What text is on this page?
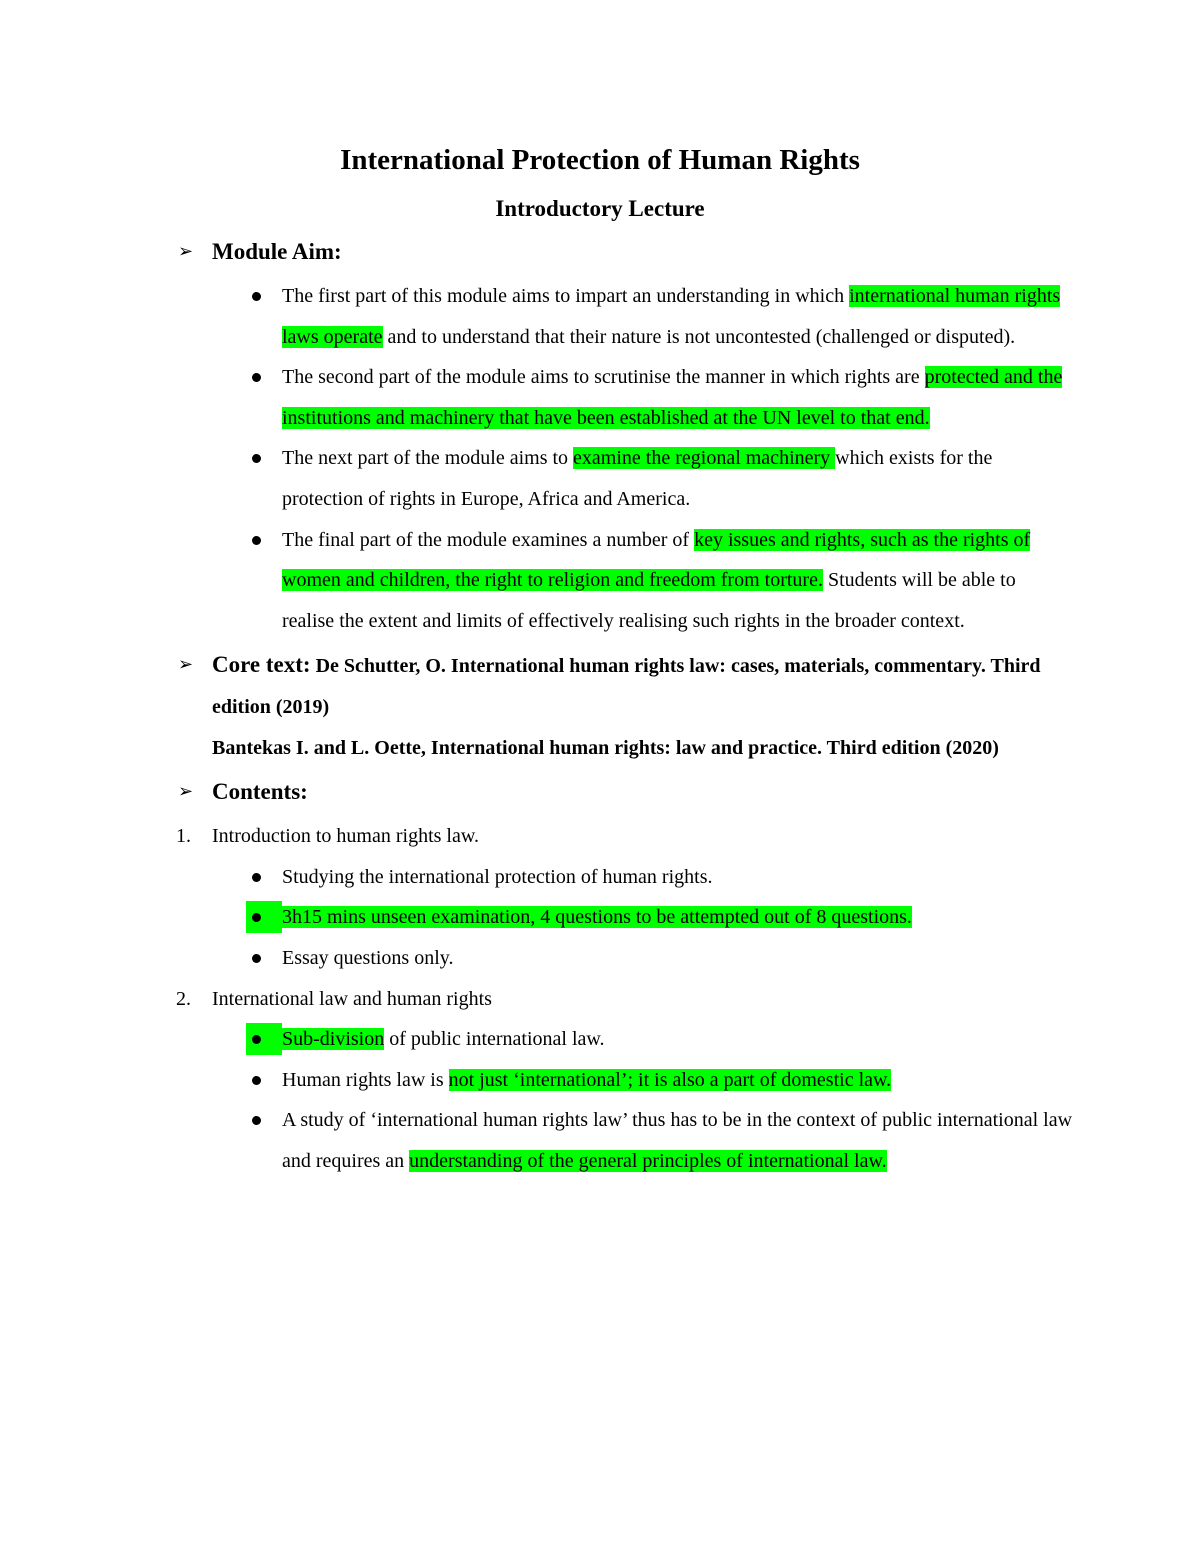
International Protection of Human Rights
Introductory Lecture
➢ Module Aim:
The first part of this module aims to impart an understanding in which international human rights laws operate and to understand that their nature is not uncontested (challenged or disputed).
The second part of the module aims to scrutinise the manner in which rights are protected and the institutions and machinery that have been established at the UN level to that end.
The next part of the module aims to examine the regional machinery which exists for the protection of rights in Europe, Africa and America.
The final part of the module examines a number of key issues and rights, such as the rights of women and children, the right to religion and freedom from torture. Students will be able to realise the extent and limits of effectively realising such rights in the broader context.
➢ Core text: De Schutter, O. International human rights law: cases, materials, commentary. Third edition (2019)
Bantekas I. and L. Oette, International human rights: law and practice. Third edition (2020)
➢ Contents:
1. Introduction to human rights law.
Studying the international protection of human rights.
3h15 mins unseen examination, 4 questions to be attempted out of 8 questions.
Essay questions only.
2. International law and human rights
Sub-division of public international law.
Human rights law is not just ‘international’; it is also a part of domestic law.
A study of ‘international human rights law’ thus has to be in the context of public international law and requires an understanding of the general principles of international law.
